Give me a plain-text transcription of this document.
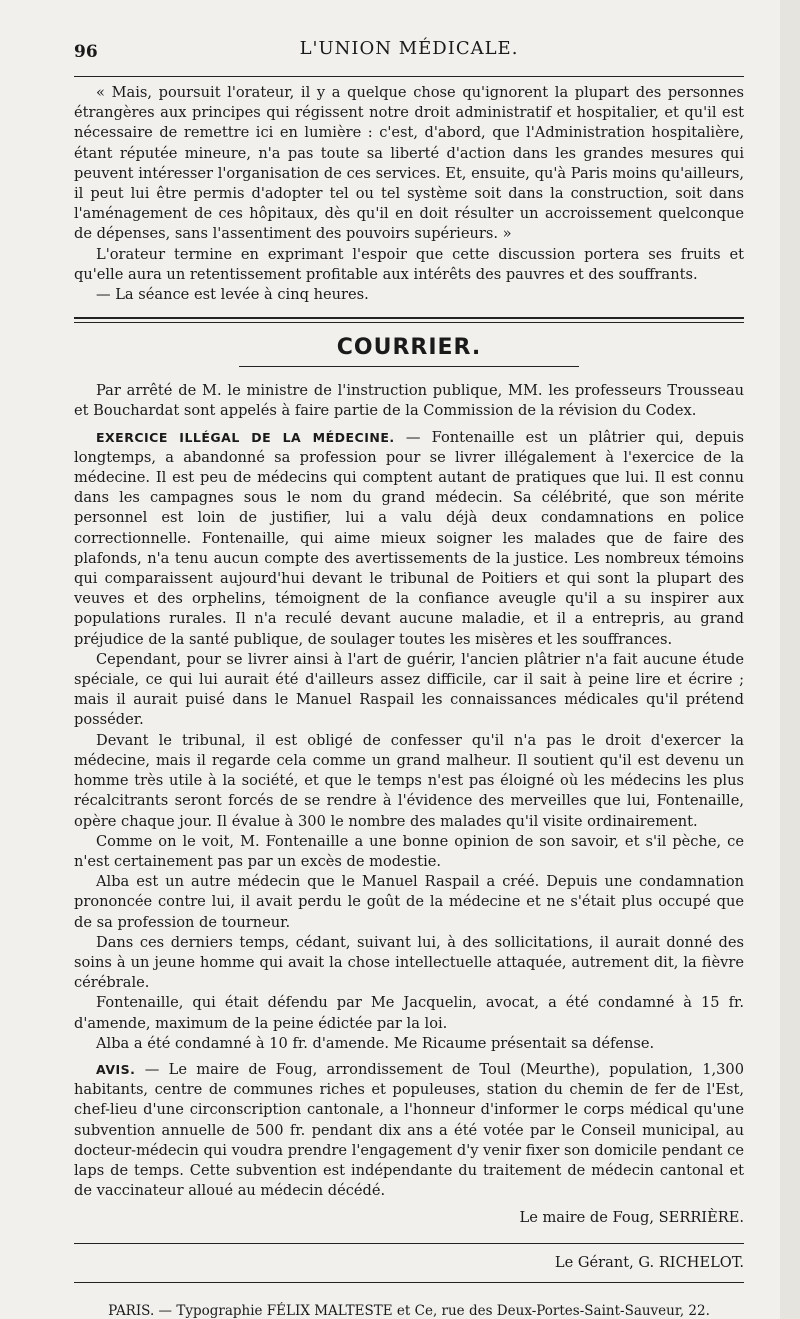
96	L'UNION MÉDICALE.

« Mais, poursuit l'orateur, il y a quelque chose qu'ignorent la plupart des personnes étrangères aux principes qui régissent notre droit administratif et hospitalier, et qu'il est nécessaire de remettre ici en lumière : c'est, d'abord, que l'Administration hospitalière, étant réputée mineure, n'a pas toute sa liberté d'action dans les grandes mesures qui peuvent intéresser l'organisation de ces services. Et, ensuite, qu'à Paris moins qu'ailleurs, il peut lui être permis d'adopter tel ou tel système soit dans la construction, soit dans l'aménagement de ces hôpitaux, dès qu'il en doit résulter un accroissement quelconque de dépenses, sans l'assentiment des pouvoirs supérieurs. »

L'orateur termine en exprimant l'espoir que cette discussion portera ses fruits et qu'elle aura un retentissement profitable aux intérêts des pauvres et des souffrants.

— La séance est levée à cinq heures.

COURRIER.

Par arrêté de M. le ministre de l'instruction publique, MM. les professeurs Trousseau et Bouchardat sont appelés à faire partie de la Commission de la révision du Codex.

EXERCICE ILLÉGAL DE LA MÉDECINE. — Fontenaille est un plâtrier qui, depuis longtemps, a abandonné sa profession pour se livrer illégalement à l'exercice de la médecine. Il est peu de médecins qui comptent autant de pratiques que lui. Il est connu dans les campagnes sous le nom du grand médecin. Sa célébrité, que son mérite personnel est loin de justifier, lui a valu déjà deux condamnations en police correctionnelle. Fontenaille, qui aime mieux soigner les malades que de faire des plafonds, n'a tenu aucun compte des avertissements de la justice. Les nombreux témoins qui comparaissent aujourd'hui devant le tribunal de Poitiers et qui sont la plupart des veuves et des orphelins, témoignent de la confiance aveugle qu'il a su inspirer aux populations rurales. Il n'a reculé devant aucune maladie, et il a entrepris, au grand préjudice de la santé publique, de soulager toutes les misères et les souffrances.

Cependant, pour se livrer ainsi à l'art de guérir, l'ancien plâtrier n'a fait aucune étude spéciale, ce qui lui aurait été d'ailleurs assez difficile, car il sait à peine lire et écrire ; mais il aurait puisé dans le Manuel Raspail les connaissances médicales qu'il prétend posséder.

Devant le tribunal, il est obligé de confesser qu'il n'a pas le droit d'exercer la médecine, mais il regarde cela comme un grand malheur. Il soutient qu'il est devenu un homme très utile à la société, et que le temps n'est pas éloigné où les médecins les plus récalcitrants seront forcés de se rendre à l'évidence des merveilles que lui, Fontenaille, opère chaque jour. Il évalue à 300 le nombre des malades qu'il visite ordinairement.

Comme on le voit, M. Fontenaille a une bonne opinion de son savoir, et s'il pèche, ce n'est certainement pas par un excès de modestie.

Alba est un autre médecin que le Manuel Raspail a créé. Depuis une condamnation prononcée contre lui, il avait perdu le goût de la médecine et ne s'était plus occupé que de sa profession de tourneur.

Dans ces derniers temps, cédant, suivant lui, à des sollicitations, il aurait donné des soins à un jeune homme qui avait la chose intellectuelle attaquée, autrement dit, la fièvre cérébrale.

Fontenaille, qui était défendu par Me Jacquelin, avocat, a été condamné à 15 fr. d'amende, maximum de la peine édictée par la loi.

Alba a été condamné à 10 fr. d'amende. Me Ricaume présentait sa défense.

AVIS. — Le maire de Foug, arrondissement de Toul (Meurthe), population, 1,300 habitants, centre de communes riches et populeuses, station du chemin de fer de l'Est, chef-lieu d'une circonscription cantonale, a l'honneur d'informer le corps médical qu'une subvention annuelle de 500 fr. pendant dix ans a été votée par le Conseil municipal, au docteur-médecin qui voudra prendre l'engagement d'y venir fixer son domicile pendant ce laps de temps. Cette subvention est indépendante du traitement de médecin cantonal et de vaccinateur alloué au médecin décédé.

Le maire de Foug, SERRIÈRE.
Le Gérant, G. RICHELOT.
PARIS. — Typographie FÉLIX MALTESTE et Ce, rue des Deux-Portes-Saint-Sauveur, 22.
